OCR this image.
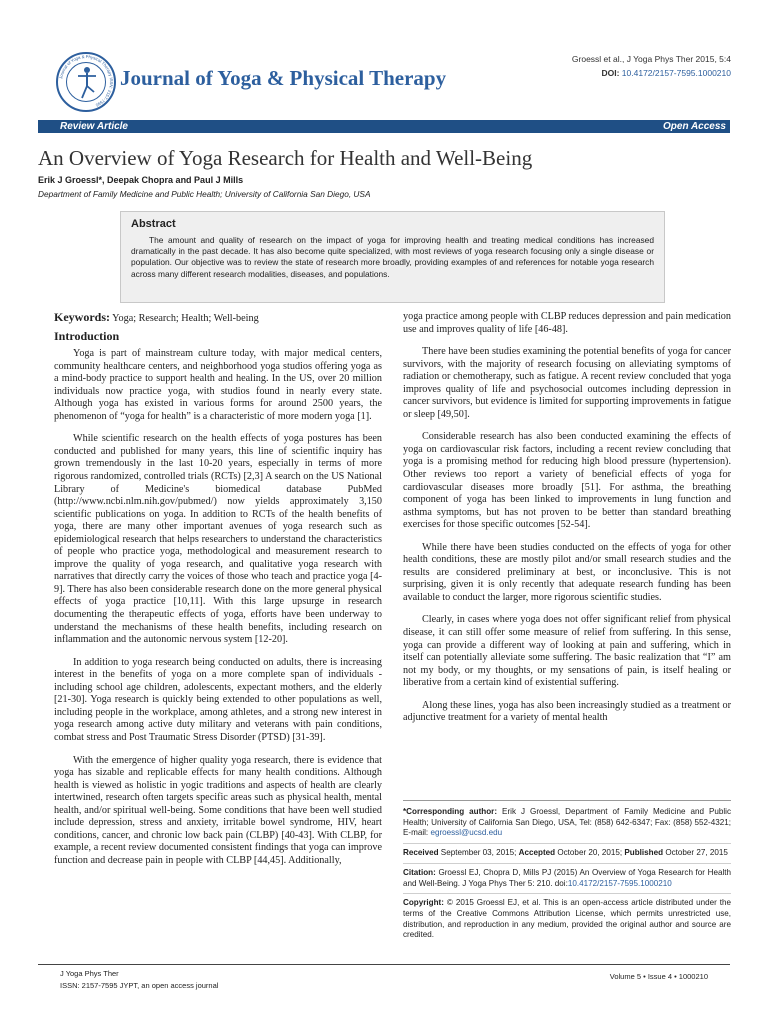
Journal of Yoga & Physical Therapy ISSN: 2157-7595
Journal of Yoga & Physical Therapy
Groessl et al., J Yoga Phys Ther 2015, 5:4
DOI: 10.4172/2157-7595.1000210
Review Article	Open Access
An Overview of Yoga Research for Health and Well-Being
Erik J Groessl*, Deepak Chopra and Paul J Mills
Department of Family Medicine and Public Health; University of California San Diego, USA
Abstract
The amount and quality of research on the impact of yoga for improving health and treating medical conditions has increased dramatically in the past decade. It has also become quite specialized, with most reviews of yoga research focusing only a single disease or population. Our objective was to review the state of research more broadly, providing examples of and references for notable yoga research across many different research modalities, diseases, and populations.
Keywords: Yoga; Research; Health; Well-being
Introduction

Yoga is part of mainstream culture today, with major medical centers, community healthcare centers, and neighborhood yoga studios offering yoga as a mind-body practice to support health and healing. In the US, over 20 million individuals now practice yoga, with studios found in nearly every state. Although yoga has existed in various forms for around 2500 years, the phenomenon of “yoga for health” is a characteristic of more modern yoga [1].

While scientific research on the health effects of yoga postures has been conducted and published for many years, this line of scientific inquiry has grown tremendously in the last 10-20 years, especially in terms of more rigorous randomized, controlled trials (RCTs) [2,3] A search on the US National Library of Medicine's biomedical database PubMed (http://www.ncbi.nlm.nih.gov/pubmed/) now yields approximately 3,150 scientific publications on yoga. In addition to RCTs of the health benefits of yoga, there are many other important avenues of yoga research such as epidemiological research that helps researchers to understand the characteristics of people who practice yoga, methodological and measurement research to improve the quality of yoga research, and qualitative yoga research with narratives that directly carry the voices of those who teach and practice yoga [4-9]. There has also been considerable research done on the more general physical effects of yoga practice [10,11]. With this large upsurge in research documenting the therapeutic effects of yoga, efforts have been underway to understand the mechanisms of these health benefits, including research on inflammation and the autonomic nervous system [12-20].

In addition to yoga research being conducted on adults, there is increasing interest in the benefits of yoga on a more complete span of individuals - including school age children, adolescents, expectant mothers, and the elderly [21-30]. Yoga research is quickly being extended to other populations as well, including people in the workplace, among athletes, and a strong new interest in yoga research among active duty military and veterans with pain conditions, combat stress and Post Traumatic Stress Disorder (PTSD) [31-39].

With the emergence of higher quality yoga research, there is evidence that yoga has sizable and replicable effects for many health conditions. Although health is viewed as holistic in yogic traditions and aspects of health are clearly intertwined, research often targets specific areas such as physical health, mental health, and/or spiritual well-being. Some conditions that have been well studied include depression, stress and anxiety, irritable bowel syndrome, HIV, heart conditions, cancer, and chronic low back pain (CLBP) [40-43]. With CLBP, for example, a recent review documented consistent findings that yoga can improve function and decrease pain in people with CLBP [44,45]. Additionally,

yoga practice among people with CLBP reduces depression and pain medication use and improves quality of life [46-48].

There have been studies examining the potential benefits of yoga for cancer survivors, with the majority of research focusing on alleviating symptoms of radiation or chemotherapy, such as fatigue. A recent review concluded that yoga improves quality of life and psychosocial outcomes including depression in cancer survivors, but evidence is limited for supporting improvements in fatigue or sleep [49,50].

Considerable research has also been conducted examining the effects of yoga on cardiovascular risk factors, including a recent review concluding that yoga is a promising method for reducing high blood pressure (hypertension). Other reviews too report a variety of beneficial effects of yoga for cardiovascular diseases more broadly [51]. For asthma, the breathing component of yoga has been linked to improvements in lung function and asthma symptoms, but has not proven to be better than standard breathing exercises for those specific outcomes [52-54].

While there have been studies conducted on the effects of yoga for other health conditions, these are mostly pilot and/or small research studies and the results are considered preliminary at best, or inconclusive. This is not surprising, given it is only recently that adequate research funding has been available to conduct the larger, more rigorous scientific studies.

Clearly, in cases where yoga does not offer significant relief from physical disease, it can still offer some measure of relief from suffering. In this sense, yoga can provide a different way of looking at pain and suffering, which in itself can potentially alleviate some suffering. The basic realization that “I” am not my body, or my thoughts, or my sensations of pain, is itself healing or liberative from a certain kind of existential suffering.

Along these lines, yoga has also been increasingly studied as a treatment or adjunctive treatment for a variety of mental health

*Corresponding author: Erik J Groessl, Department of Family Medicine and Public Health; University of California San Diego, USA, Tel: (858) 642-6347; Fax: (858) 552-4321; E-mail: egroessl@ucsd.edu
Received September 03, 2015; Accepted October 20, 2015; Published October 27, 2015
Citation: Groessl EJ, Chopra D, Mills PJ (2015) An Overview of Yoga Research for Health and Well-Being. J Yoga Phys Ther 5: 210. doi:10.4172/2157-7595.1000210
Copyright: © 2015 Groessl EJ, et al. This is an open-access article distributed under the terms of the Creative Commons Attribution License, which permits unrestricted use, distribution, and reproduction in any medium, provided the original author and source are credited.
J Yoga Phys Ther
ISSN: 2157-7595 JYPT, an open access journal
Volume 5 • Issue 4 • 1000210
